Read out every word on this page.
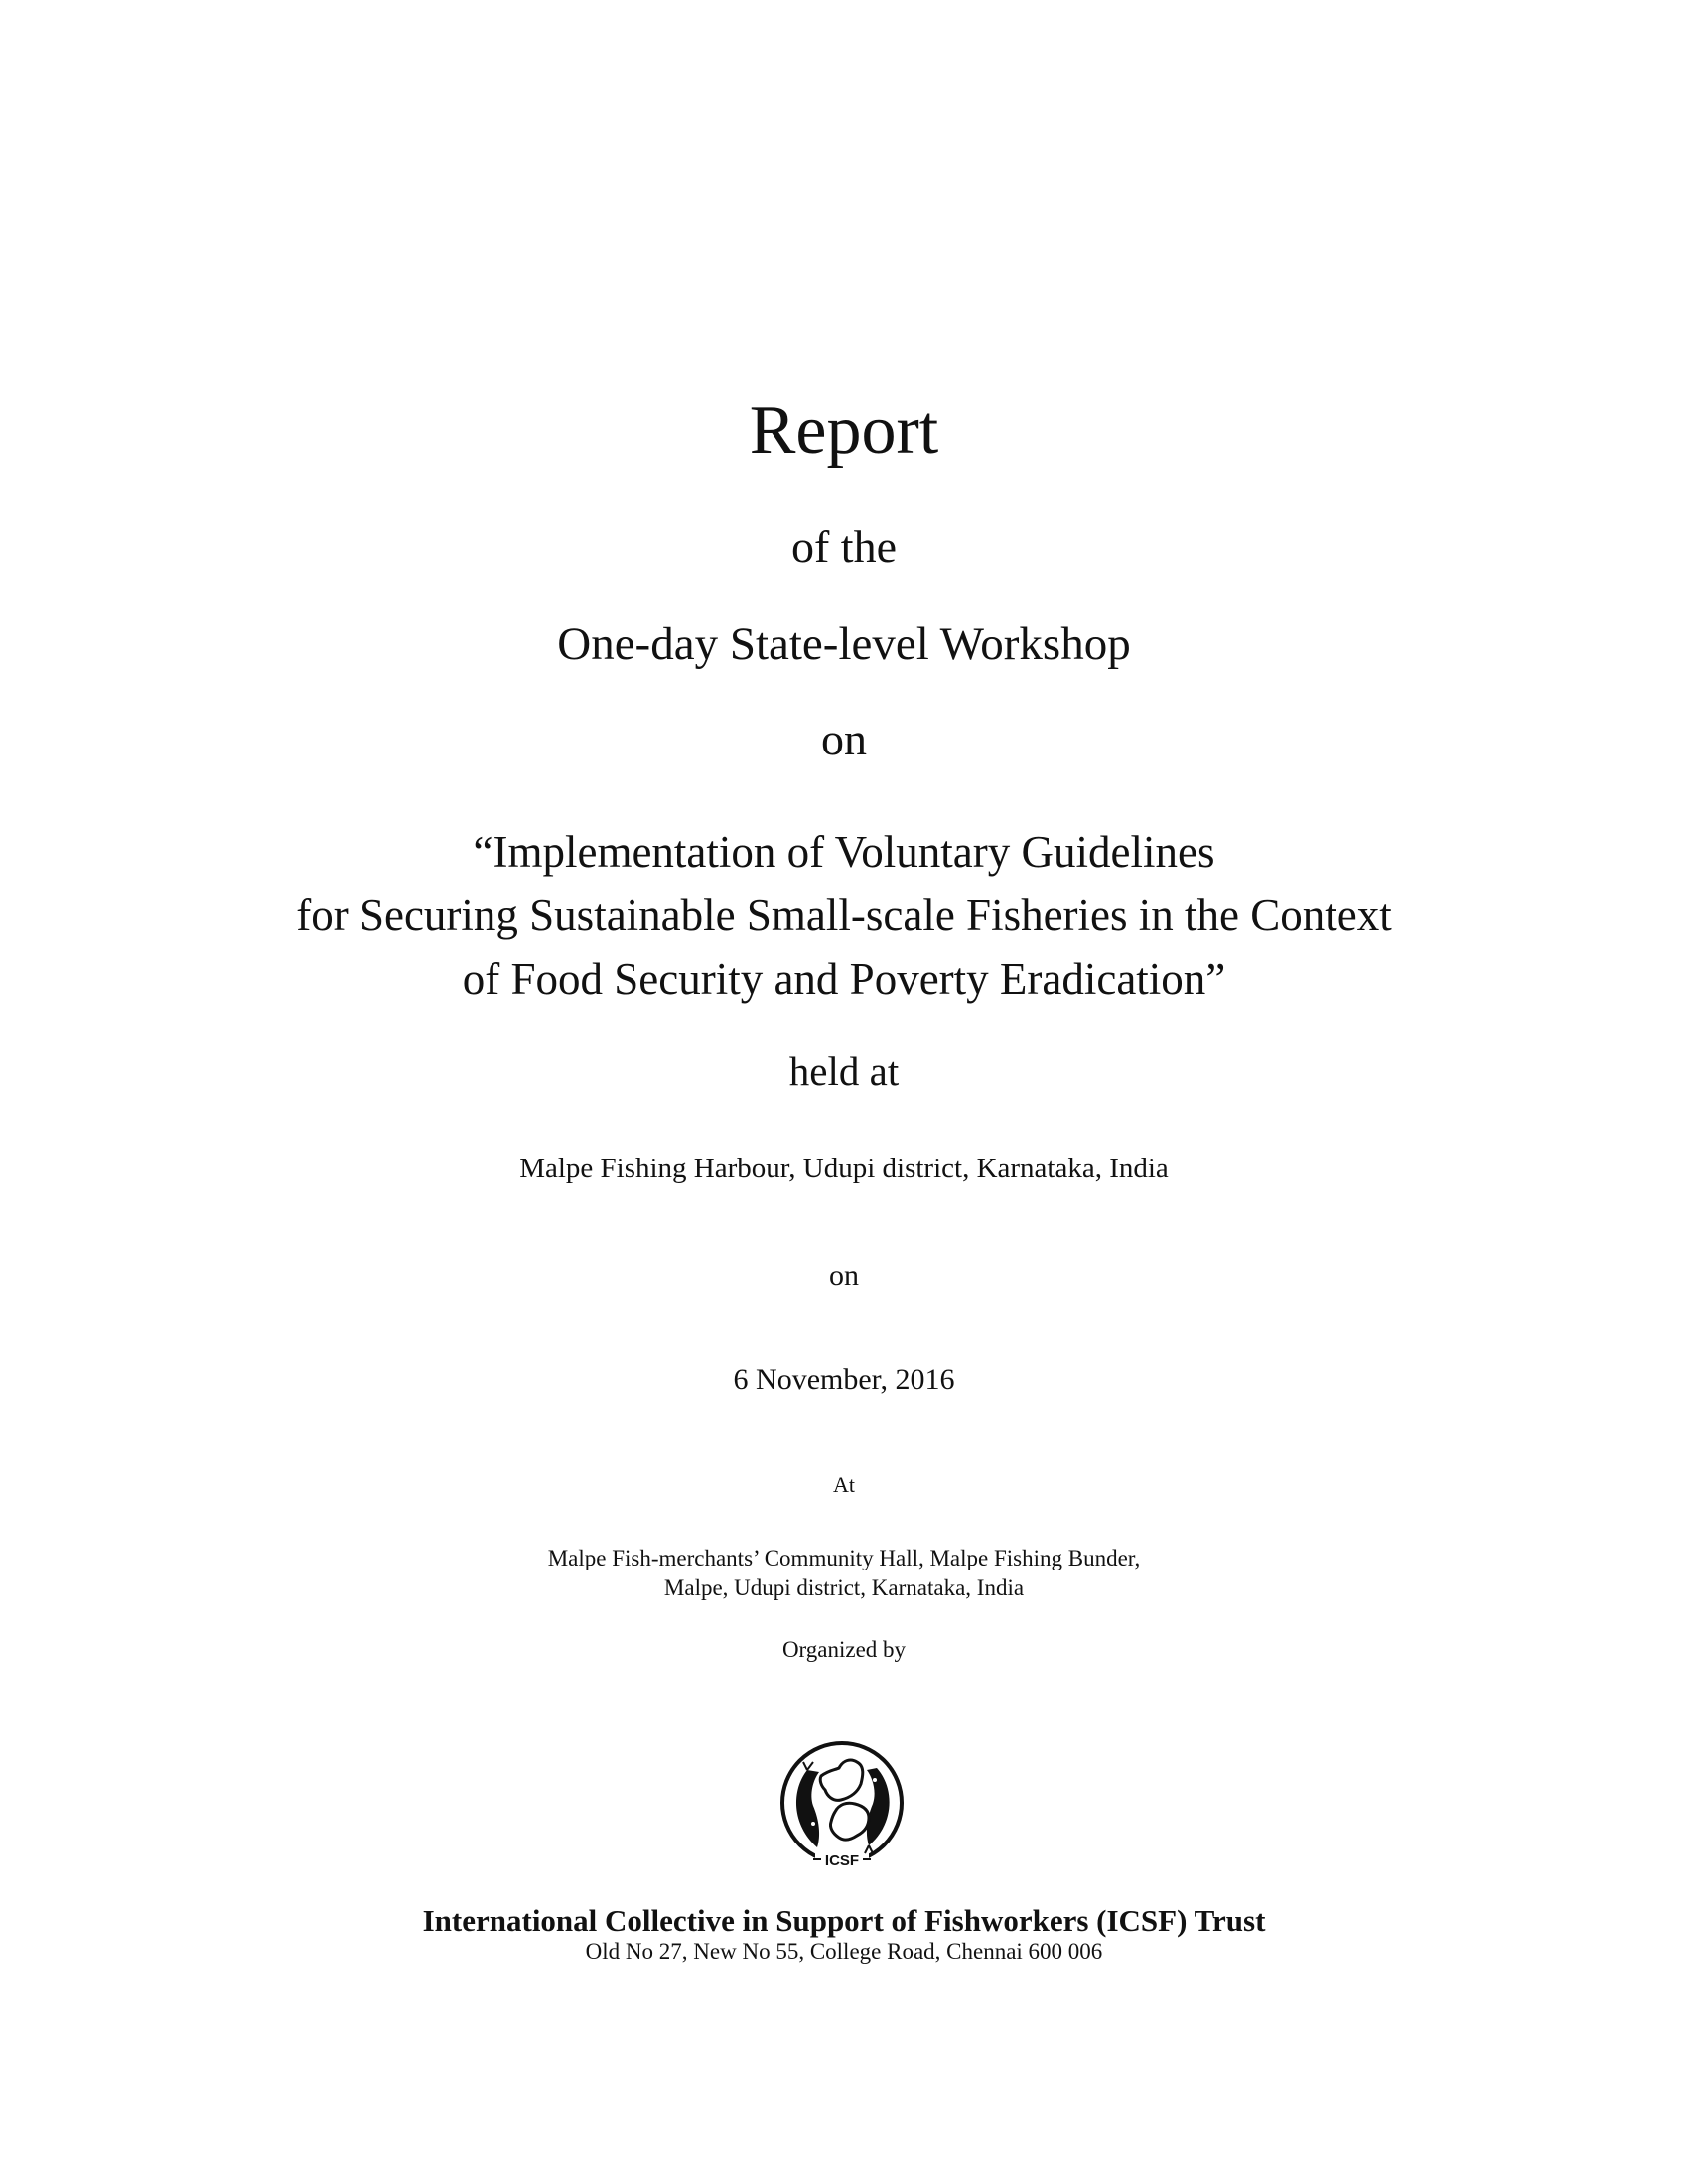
Report
of the
One-day State-level Workshop
on
“Implementation of Voluntary Guidelines
for Securing Sustainable Small-scale Fisheries in the Context
of Food Security and Poverty Eradication”
held at
Malpe Fishing Harbour, Udupi district, Karnataka, India
on
6 November, 2016
At
Malpe Fish-merchants’ Community Hall, Malpe Fishing Bunder,
Malpe, Udupi district, Karnataka, India
Organized by
ICSF
International Collective in Support of Fishworkers (ICSF) Trust
Old No 27, New No 55, College Road, Chennai 600 006
